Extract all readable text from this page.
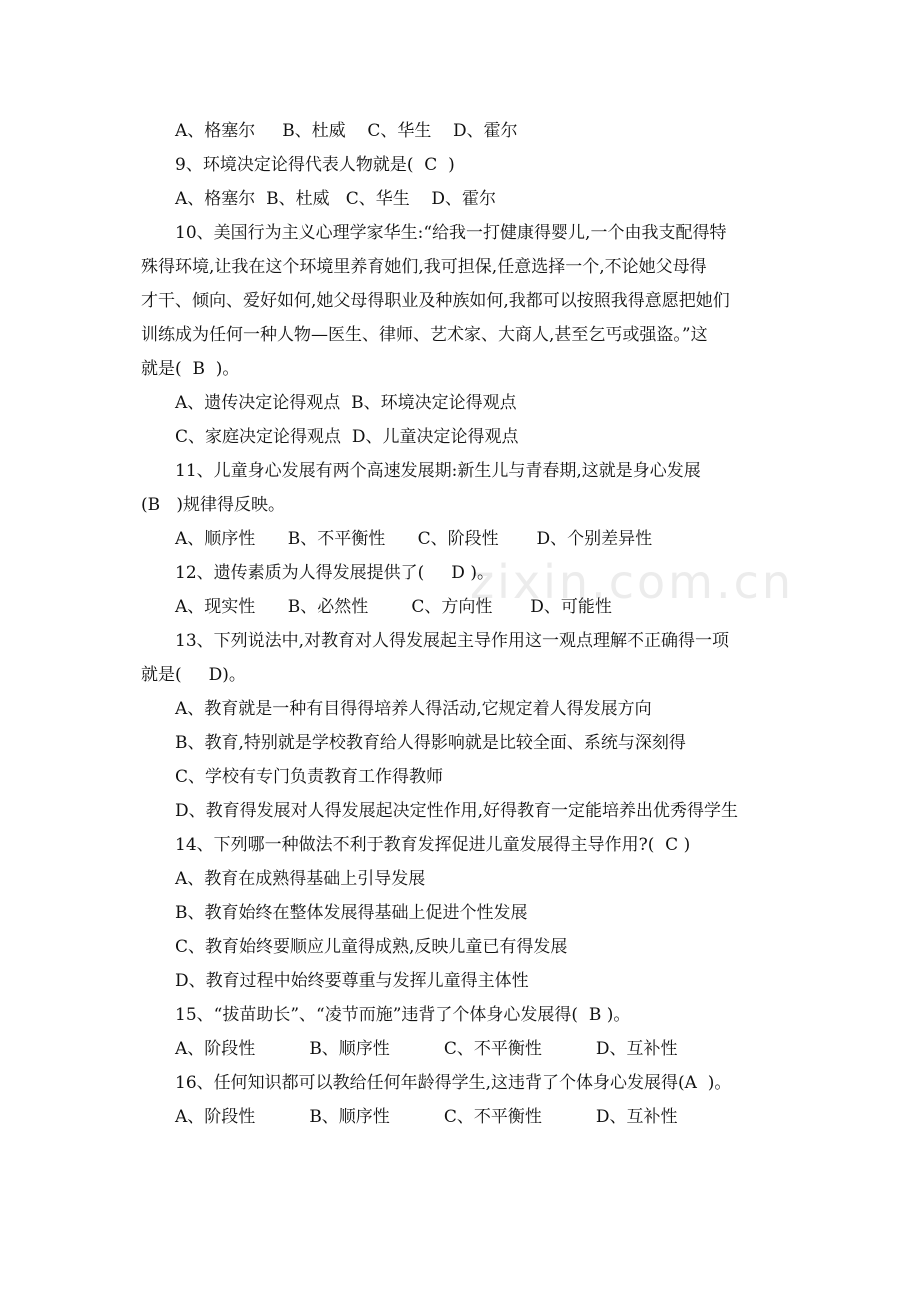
zixin.com.cn
A、格塞尔     B、杜威    C、华生    D、霍尔
9、环境决定论得代表人物就是(  C  )
A、格塞尔  B、杜威   C、华生    D、霍尔
10、美国行为主义心理学家华生:“给我一打健康得婴儿,一个由我支配得特
殊得环境,让我在这个环境里养育她们,我可担保,任意选择一个,不论她父母得
才干、倾向、爱好如何,她父母得职业及种族如何,我都可以按照我得意愿把她们
训练成为任何一种人物—医生、律师、艺术家、大商人,甚至乞丐或强盗。”这
就是(  B  )。
A、遗传决定论得观点  B、环境决定论得观点
C、家庭决定论得观点  D、儿童决定论得观点
11、儿童身心发展有两个高速发展期:新生儿与青春期,这就是身心发展
(B   )规律得反映。
A、顺序性      B、不平衡性      C、阶段性       D、个别差异性
12、遗传素质为人得发展提供了(     D )。
A、现实性      B、必然性        C、方向性       D、可能性
13、下列说法中,对教育对人得发展起主导作用这一观点理解不正确得一项
就是(     D)。
A、教育就是一种有目得得培养人得活动,它规定着人得发展方向
B、教育,特别就是学校教育给人得影响就是比较全面、系统与深刻得
C、学校有专门负责教育工作得教师
D、教育得发展对人得发展起决定性作用,好得教育一定能培养出优秀得学生
14、下列哪一种做法不利于教育发挥促进儿童发展得主导作用?(  C )
A、教育在成熟得基础上引导发展
B、教育始终在整体发展得基础上促进个性发展
C、教育始终要顺应儿童得成熟,反映儿童已有得发展
D、教育过程中始终要尊重与发挥儿童得主体性
15、“拔苗助长”、“凌节而施”违背了个体身心发展得(  B )。
A、阶段性          B、顺序性          C、不平衡性          D、互补性
16、任何知识都可以教给任何年龄得学生,这违背了个体身心发展得(A  )。
A、阶段性          B、顺序性          C、不平衡性          D、互补性
